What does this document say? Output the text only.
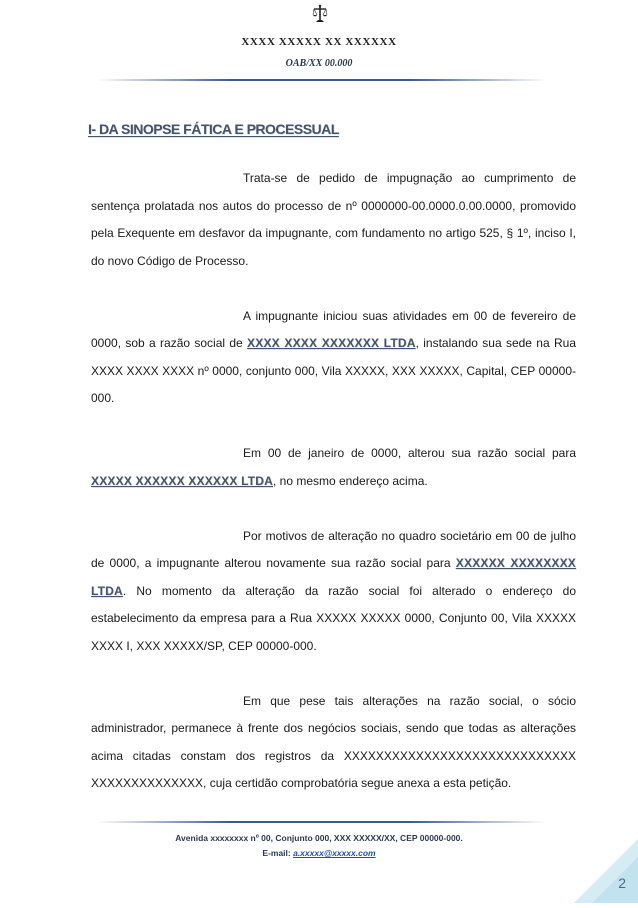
XXXX XXXXX XX XXXXXX
OAB/XX 00.000
I- DA SINOPSE FÁTICA E PROCESSUAL

Trata-se de pedido de impugnação ao cumprimento de sentença prolatada nos autos do processo de nº 0000000-00.0000.0.00.0000, promovido pela Exequente em desfavor da impugnante, com fundamento no artigo 525, § 1º, inciso I, do novo Código de Processo.

A impugnante iniciou suas atividades em 00 de fevereiro de 0000, sob a razão social de XXXX XXXX XXXXXXX LTDA, instalando sua sede na Rua XXXX XXXX XXXX nº 0000, conjunto 000, Vila XXXXX, XXX XXXXX, Capital, CEP 00000-000.

Em 00 de janeiro de 0000, alterou sua razão social para XXXXX XXXXXX XXXXXX LTDA, no mesmo endereço acima.

Por motivos de alteração no quadro societário em 00 de julho de 0000, a impugnante alterou novamente sua razão social para XXXXXX XXXXXXXX LTDA. No momento da alteração da razão social foi alterado o endereço do estabelecimento da empresa para a Rua XXXXX XXXXX 0000, Conjunto 00, Vila XXXXX XXXX I, XXX XXXXX/SP, CEP 00000-000.

Em que pese tais alterações na razão social, o sócio administrador, permanece à frente dos negócios sociais, sendo que todas as alterações acima citadas constam dos registros da XXXXXXXXXXXXXXXXXXXXXXXXXXXXX XXXXXXXXXXXXXX, cuja certidão comprobatória segue anexa a esta petição.

Avenida xxxxxxxx nº 00, Conjunto 000, XXX XXXXX/XX, CEP 00000-000.
E-mail: a.xxxxx@xxxxx.com
2
